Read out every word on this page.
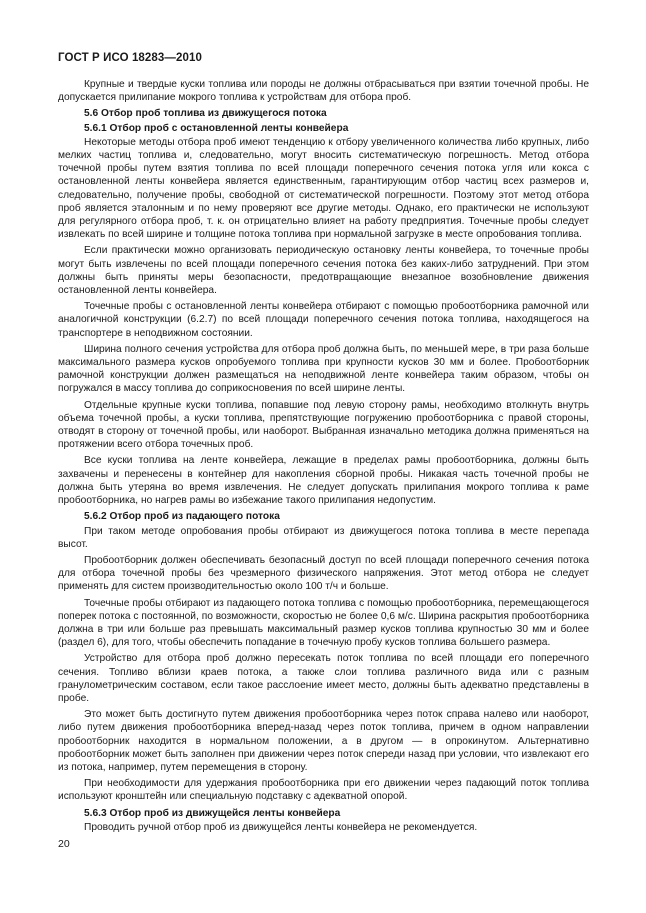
ГОСТ Р ИСО 18283—2010

Крупные и твердые куски топлива или породы не должны отбрасываться при взятии точечной пробы. Не допускается прилипание мокрого топлива к устройствам для отбора проб.

5.6 Отбор проб топлива из движущегося потока

5.6.1 Отбор проб с остановленной ленты конвейера

Некоторые методы отбора проб имеют тенденцию к отбору увеличенного количества либо крупных, либо мелких частиц топлива и, следовательно, могут вносить систематическую погрешность. Метод отбора точечной пробы путем взятия топлива по всей площади поперечного сечения потока угля или кокса с остановленной ленты конвейера является единственным, гарантирующим отбор частиц всех размеров и, следовательно, получение пробы, свободной от систематической погрешности. Поэтому этот метод отбора проб является эталонным и по нему проверяют все другие методы. Однако, его практически не используют для регулярного отбора проб, т. к. он отрицательно влияет на работу предприятия. Точечные пробы следует извлекать по всей ширине и толщине потока топлива при нормальной загрузке в месте опробования топлива.

Если практически можно организовать периодическую остановку ленты конвейера, то точечные пробы могут быть извлечены по всей площади поперечного сечения потока без каких-либо затруднений. При этом должны быть приняты меры безопасности, предотвращающие внезапное возобновление движения остановленной ленты конвейера.

Точечные пробы с остановленной ленты конвейера отбирают с помощью пробоотборника рамочной или аналогичной конструкции (6.2.7) по всей площади поперечного сечения потока топлива, находящегося на транспортере в неподвижном состоянии.

Ширина полного сечения устройства для отбора проб должна быть, по меньшей мере, в три раза больше максимального размера кусков опробуемого топлива при крупности кусков 30 мм и более. Пробоотборник рамочной конструкции должен размещаться на неподвижной ленте конвейера таким образом, чтобы он погружался в массу топлива до соприкосновения по всей ширине ленты.

Отдельные крупные куски топлива, попавшие под левую сторону рамы, необходимо втолкнуть внутрь объема точечной пробы, а куски топлива, препятствующие погружению пробоотборника с правой стороны, отводят в сторону от точечной пробы, или наоборот. Выбранная изначально методика должна применяться на протяжении всего отбора точечных проб.

Все куски топлива на ленте конвейера, лежащие в пределах рамы пробоотборника, должны быть захвачены и перенесены в контейнер для накопления сборной пробы. Никакая часть точечной пробы не должна быть утеряна во время извлечения. Не следует допускать прилипания мокрого топлива к раме пробоотборника, но нагрев рамы во избежание такого прилипания недопустим.

5.6.2 Отбор проб из падающего потока

При таком методе опробования пробы отбирают из движущегося потока топлива в месте перепада высот.

Пробоотборник должен обеспечивать безопасный доступ по всей площади поперечного сечения потока для отбора точечной пробы без чрезмерного физического напряжения. Этот метод отбора не следует применять для систем производительностью около 100 т/ч и больше.

Точечные пробы отбирают из падающего потока топлива с помощью пробоотборника, перемещающегося поперек потока с постоянной, по возможности, скоростью не более 0,6 м/с. Ширина раскрытия пробоотборника должна в три или больше раз превышать максимальный размер кусков топлива крупностью 30 мм и более (раздел 6), для того, чтобы обеспечить попадание в точечную пробу кусков топлива большего размера.

Устройство для отбора проб должно пересекать поток топлива по всей площади его поперечного сечения. Топливо вблизи краев потока, а также слои топлива различного вида или с разным гранулометрическим составом, если такое расслоение имеет место, должны быть адекватно представлены в пробе.

Это может быть достигнуто путем движения пробоотборника через поток справа налево или наоборот, либо путем движения пробоотборника вперед-назад через поток топлива, причем в одном направлении пробоотборник находится в нормальном положении, а в другом — в опрокинутом. Альтернативно пробоотборник может быть заполнен при движении через поток спереди назад при условии, что извлекают его из потока, например, путем перемещения в сторону.

При необходимости для удержания пробоотборника при его движении через падающий поток топлива используют кронштейн или специальную подставку с адекватной опорой.

5.6.3 Отбор проб из движущейся ленты конвейера

Проводить ручной отбор проб из движущейся ленты конвейера не рекомендуется.

20
